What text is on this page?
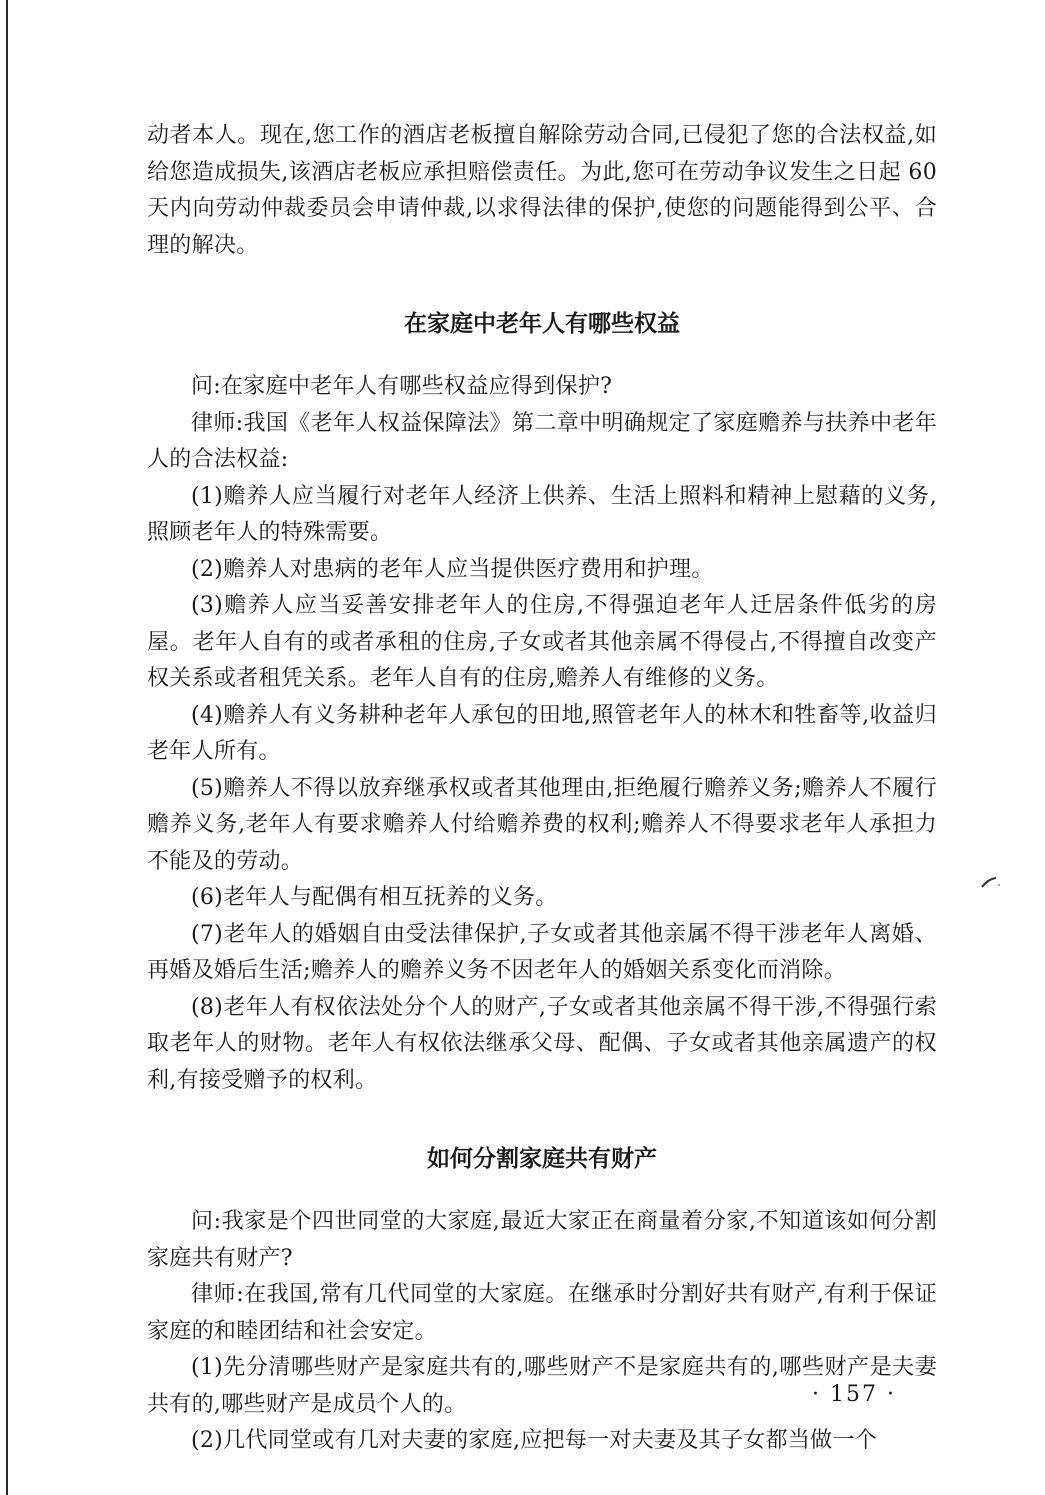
动者本人。现在,您工作的酒店老板擅自解除劳动合同,已侵犯了您的合法权益,如给您造成损失,该酒店老板应承担赔偿责任。为此,您可在劳动争议发生之日起 60 天内向劳动仲裁委员会申请仲裁,以求得法律的保护,使您的问题能得到公平、合理的解决。

在家庭中老年人有哪些权益

问:在家庭中老年人有哪些权益应得到保护?

律师:我国《老年人权益保障法》第二章中明确规定了家庭赡养与扶养中老年人的合法权益:

(1)赡养人应当履行对老年人经济上供养、生活上照料和精神上慰藉的义务,照顾老年人的特殊需要。

(2)赡养人对患病的老年人应当提供医疗费用和护理。

(3)赡养人应当妥善安排老年人的住房,不得强迫老年人迁居条件低劣的房屋。老年人自有的或者承租的住房,子女或者其他亲属不得侵占,不得擅自改变产权关系或者租凭关系。老年人自有的住房,赡养人有维修的义务。

(4)赡养人有义务耕种老年人承包的田地,照管老年人的林木和牲畜等,收益归老年人所有。

(5)赡养人不得以放弃继承权或者其他理由,拒绝履行赡养义务;赡养人不履行赡养义务,老年人有要求赡养人付给赡养费的权利;赡养人不得要求老年人承担力不能及的劳动。

(6)老年人与配偶有相互抚养的义务。

(7)老年人的婚姻自由受法律保护,子女或者其他亲属不得干涉老年人离婚、再婚及婚后生活;赡养人的赡养义务不因老年人的婚姻关系变化而消除。

(8)老年人有权依法处分个人的财产,子女或者其他亲属不得干涉,不得强行索取老年人的财物。老年人有权依法继承父母、配偶、子女或者其他亲属遗产的权利,有接受赠予的权利。

如何分割家庭共有财产

问:我家是个四世同堂的大家庭,最近大家正在商量着分家,不知道该如何分割家庭共有财产?

律师:在我国,常有几代同堂的大家庭。在继承时分割好共有财产,有利于保证家庭的和睦团结和社会安定。

(1)先分清哪些财产是家庭共有的,哪些财产不是家庭共有的,哪些财产是夫妻共有的,哪些财产是成员个人的。

(2)几代同堂或有几对夫妻的家庭,应把每一对夫妻及其子女都当做一个

· 157 ·
